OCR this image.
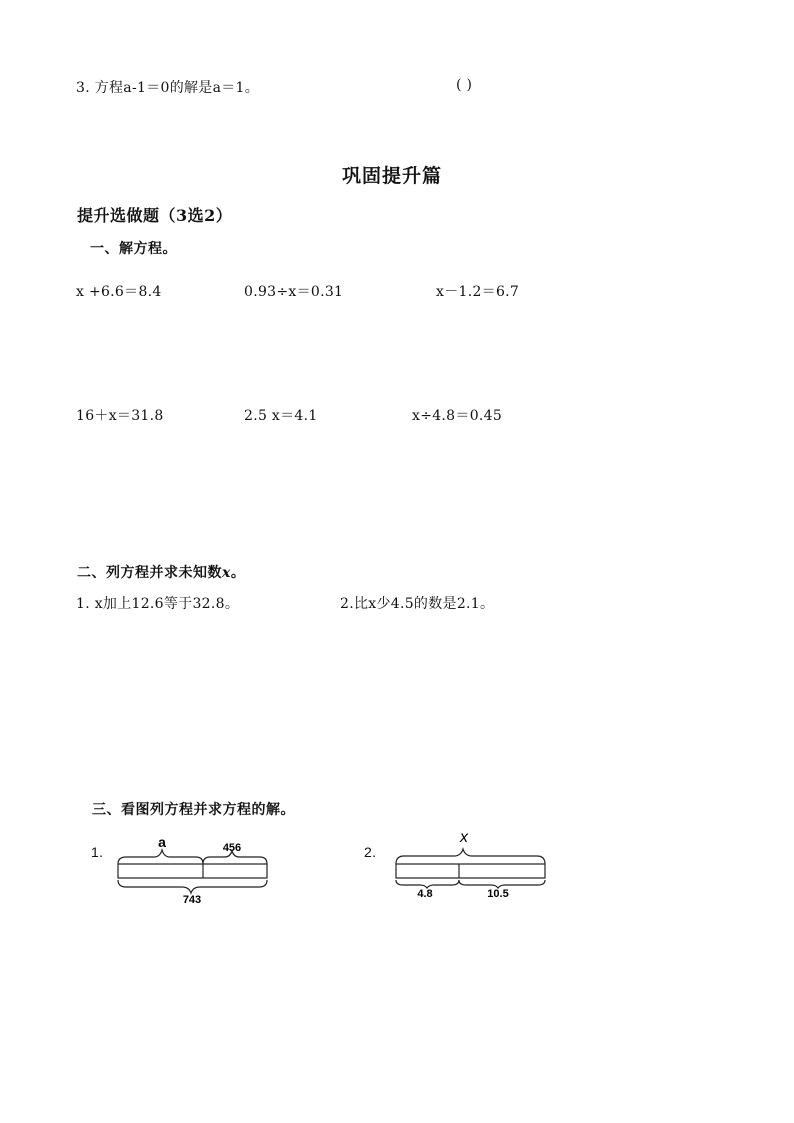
3. 方程a-1＝0的解是a＝1。	( )
巩固提升篇
提升选做题（3选2）
一、解方程。
x +6.6＝8.4	0.93÷x＝0.31	x－1.2＝6.7
16＋x＝31.8	2.5 x＝4.1	x÷4.8＝0.45
二、列方程并求未知数x。
1. x加上12.6等于32.8。	2.比x少4.5的数是2.1。
三、看图列方程并求方程的解。
1.
a	456
743
2.
x
4.8	10.5
